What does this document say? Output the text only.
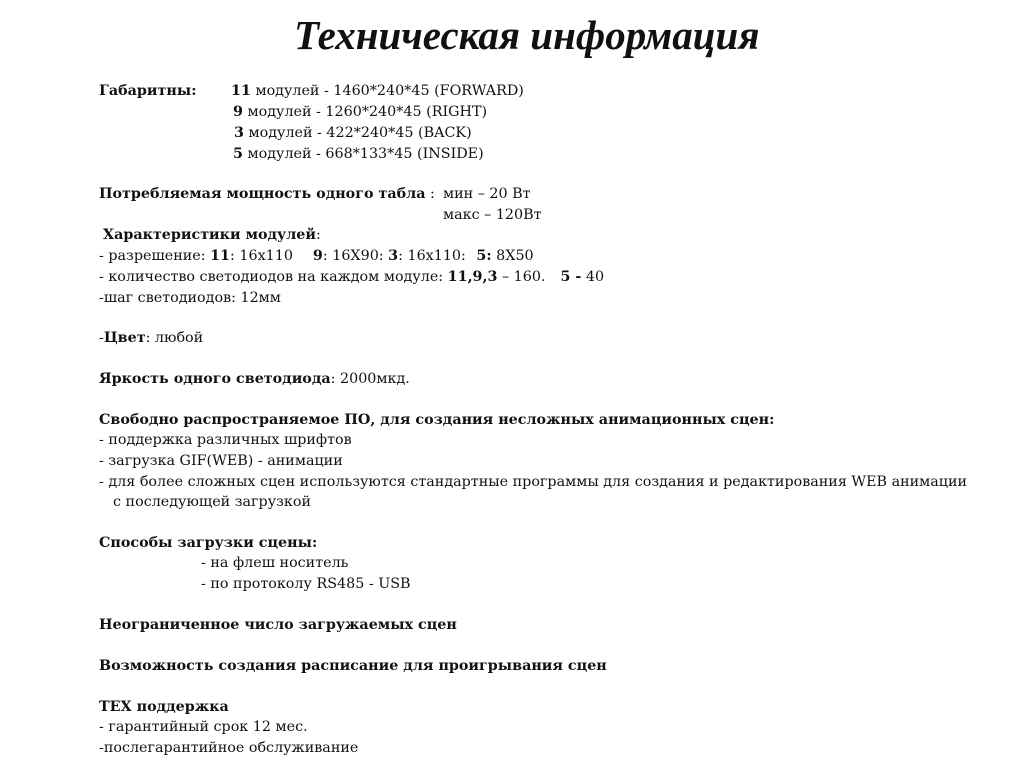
Техническая информация
Габаритны: 11 модулей - 1460*240*45 (FORWARD)
9 модулей - 1260*240*45 (RIGHT)
3 модулей - 422*240*45 (BACK)
5 модулей - 668*133*45 (INSIDE)
Потребляемая мощность одного табла : мин – 20 Вт
макс – 120Вт
Характеристики модулей:
- разрешение: 11: 16x110 9: 16X90: 3: 16x110: 5: 8X50
- количество светодиодов на каждом модуле: 11,9,3 – 160. 5 - 40
-шаг светодиодов: 12мм
-Цвет: любой
Яркость одного светодиода: 2000мкд.
Свободно распространяемое ПО, для создания несложных анимационных сцен:
- поддержка различных шрифтов
- загрузка GIF(WEB) - анимации
- для более сложных сцен используются стандартные программы для создания и редактирования WEB анимации
с последующей загрузкой
Способы загрузки сцены:
- на флеш носитель
- по протоколу RS485 - USB
Неограниченное число загружаемых сцен
Возможность создания расписание для проигрывания сцен
ТЕХ поддержка
- гарантийный срок 12 мес.
-послегарантийное обслуживание
